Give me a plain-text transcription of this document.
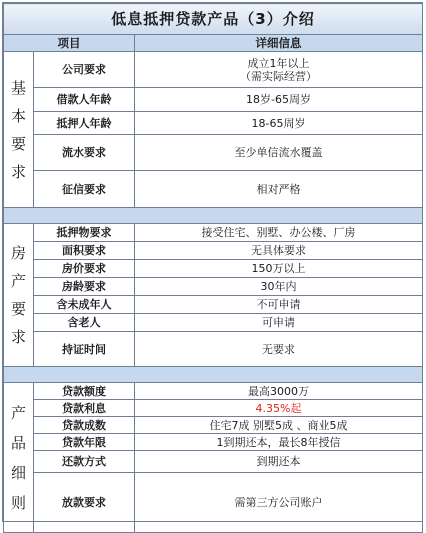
低息抵押贷款产品（3）介绍		
项目		详细信息
基本要求	公司要求	成立1年以上
（需实际经营）

	借款人年龄	18岁-65周岁
	抵押人年龄	18-65周岁
	流水要求	至少单信流水覆盖
	征信要求	相对严格

房产要求	抵押物要求	接受住宅、别墅、办公楼、厂房
	面积要求	无具体要求
	房价要求	150万以上
	房龄要求	30年内
	含未成年人	不可申请
	含老人	可申请
	持证时间	无要求

产品细则	贷款额度	最高3000万
	贷款利息	4.35%起
	贷款成数	住宅7成 别墅5成 、商业5成
	贷款年限	1到期还本，最长8年授信
	还款方式	到期还本
	放款要求	需第三方公司账户
